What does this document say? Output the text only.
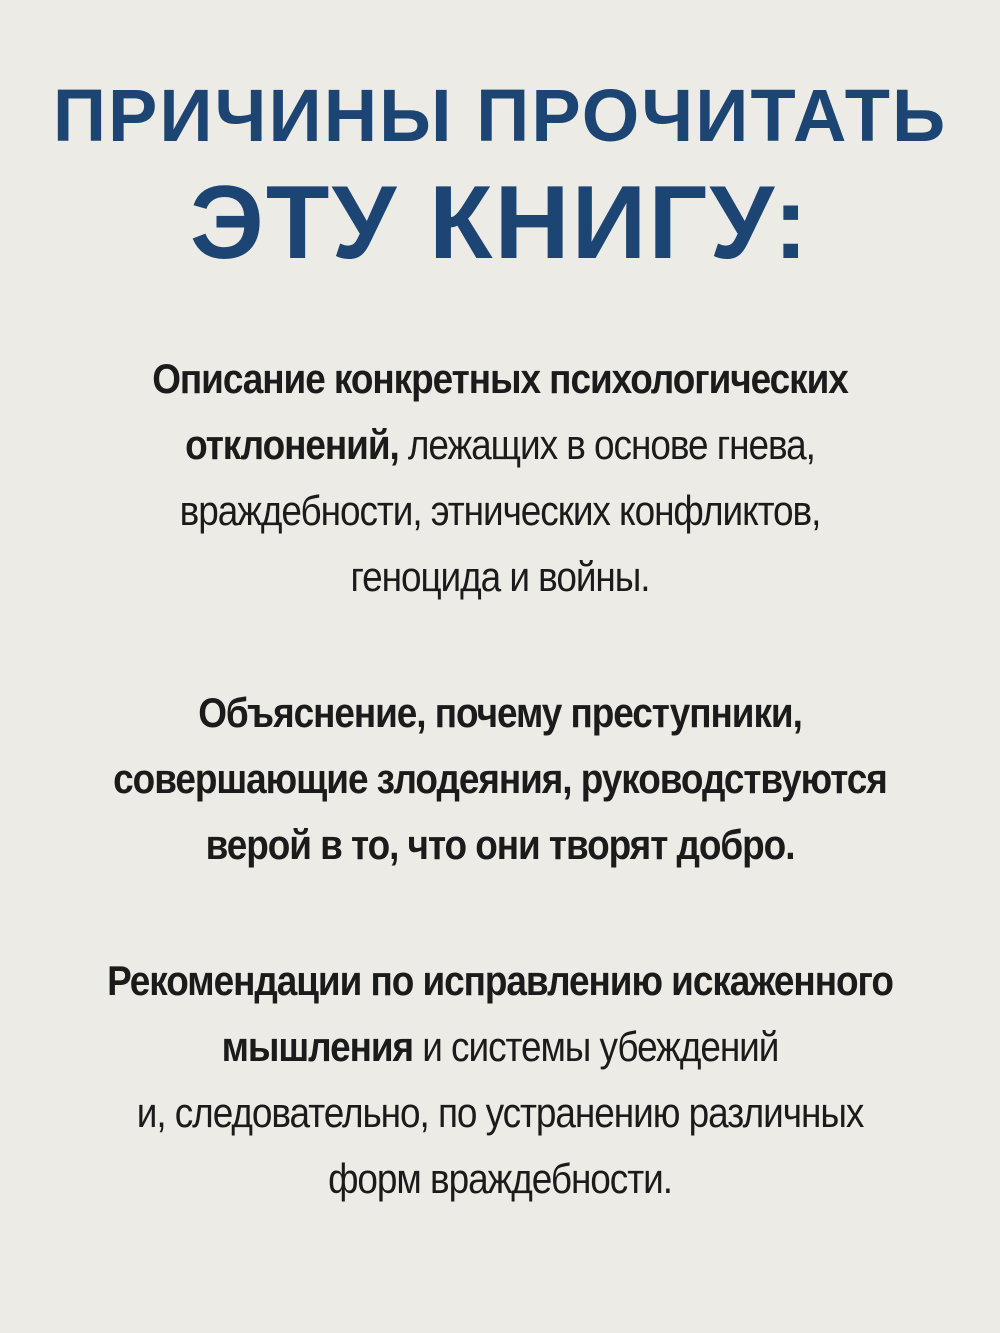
ПРИЧИНЫ ПРОЧИТАТЬ
ЭТУ КНИГУ:

Описание конкретных психологических
отклонений, лежащих в основе гнева,
враждебности, этнических конфликтов,
геноцида и войны.

Объяснение, почему преступники,
совершающие злодеяния, руководствуются
верой в то, что они творят добро.

Рекомендации по исправлению искаженного
мышления и системы убеждений
и, следовательно, по устранению различных
форм враждебности.
